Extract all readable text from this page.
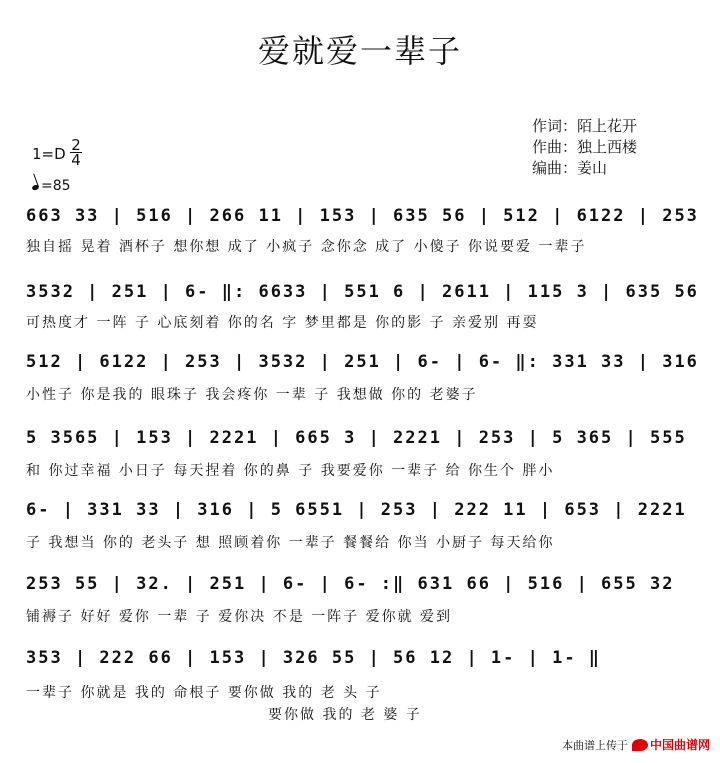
爱就爱一辈子
作词：陌上花开
作曲：独上西楼
编曲：姜山
$1=D \frac{2}{4}$
=85
663 33 | 516 | 266 11 | 153 | 635 56 | 512 | 6122 | 253
独自摇 晃着 酒杯子 想你想 成了 小疯子 念你念 成了 小傻子 你说要爱 一辈子
3532 | 251 | 6- ‖: 6633 | 551 6 | 2611 | 115 3 | 635 56
可热度才 一阵 子 心底刻着 你的名 字 梦里都是 你的影 子 亲爱别 再耍
512 | 6122 | 253 | 3532 | 251 | 6- | 6- ‖: 331 33 | 316
小性子 你是我的 眼珠子 我会疼你 一辈 子 我想做 你的 老婆子
5 3565 | 153 | 2221 | 665 3 | 2221 | 253 | 5 365 | 555
和 你过幸福 小日子 每天捏着 你的鼻 子 我要爱你 一辈子 给 你生个 胖小
6- | 331 33 | 316 | 5 6551 | 253 | 222 11 | 653 | 2221
子 我想当 你的 老头子 想 照顾着你 一辈子 餐餐给 你当 小厨子 每天给你
253 55 | 32. | 251 | 6- | 6- :‖ 631 66 | 516 | 655 32
铺褥子 好好 爱你 一辈 子 爱你决 不是 一阵子 爱你就 爱到
353 | 222 66 | 153 | 326 55 | 56 12 | 1- | 1- ‖
一辈子 你就是 我的 命根子 要你做 我的 老 头 子
要你做 我的 老 婆 子
本曲谱上传于 中国曲谱网
